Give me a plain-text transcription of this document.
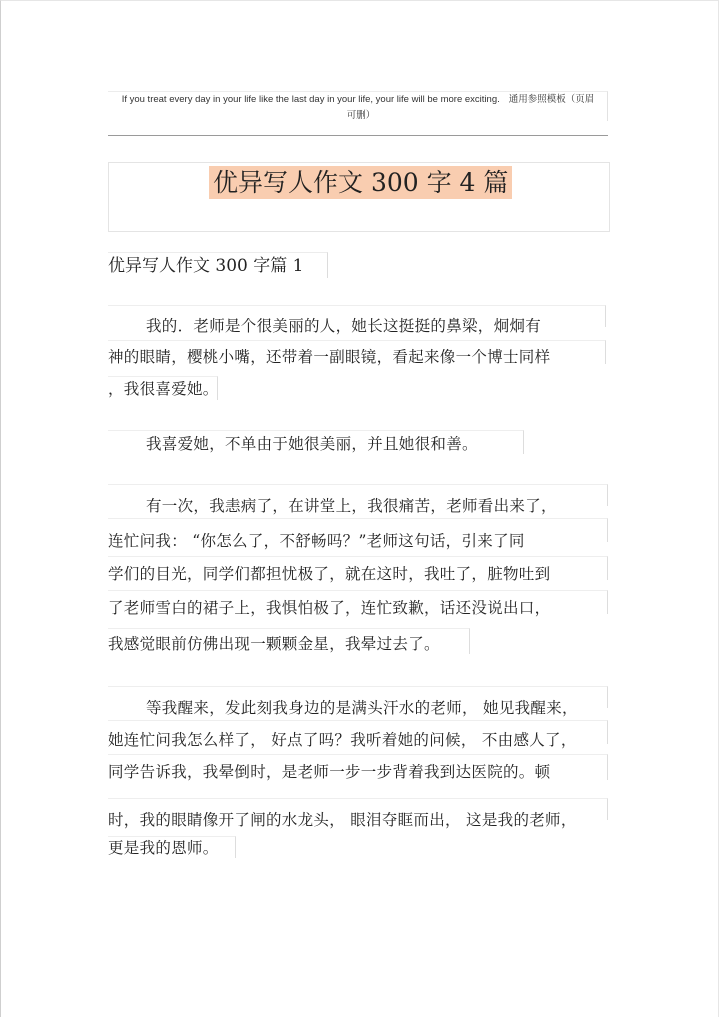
If you treat every day in your life like the last day in your life, your life will be more exciting. 通用参照模板（页眉
可删）
优异写人作文 300 字 4 篇
优异写人作文 300 字篇 1
我的．老师是个很美丽的人，她长这挺挺的鼻梁，炯炯有
神的眼睛，樱桃小嘴，还带着一副眼镜，看起来像一个博士同样
，我很喜爱她。
我喜爱她，不单由于她很美丽，并且她很和善。
有一次，我恚病了，在讲堂上，我很痛苦，老师看出来了，
连忙问我： “你怎么了，不舒畅吗？”老师这句话，引来了同
学们的目光，同学们都担忧极了，就在这时，我吐了，脏物吐到
了老师雪白的裙子上，我惧怕极了，连忙致歉，话还没说出口，
我感觉眼前仿佛出现一颗颗金星，我晕过去了。
等我醒来，发此刻我身边的是满头汗水的老师， 她见我醒来，
她连忙问我怎么样了， 好点了吗？我听着她的问候， 不由感人了，
同学告诉我，我晕倒时，是老师一步一步背着我到达医院的。顿
时，我的眼睛像开了闸的水龙头， 眼泪夺眶而出， 这是我的老师，
更是我的恩师。
